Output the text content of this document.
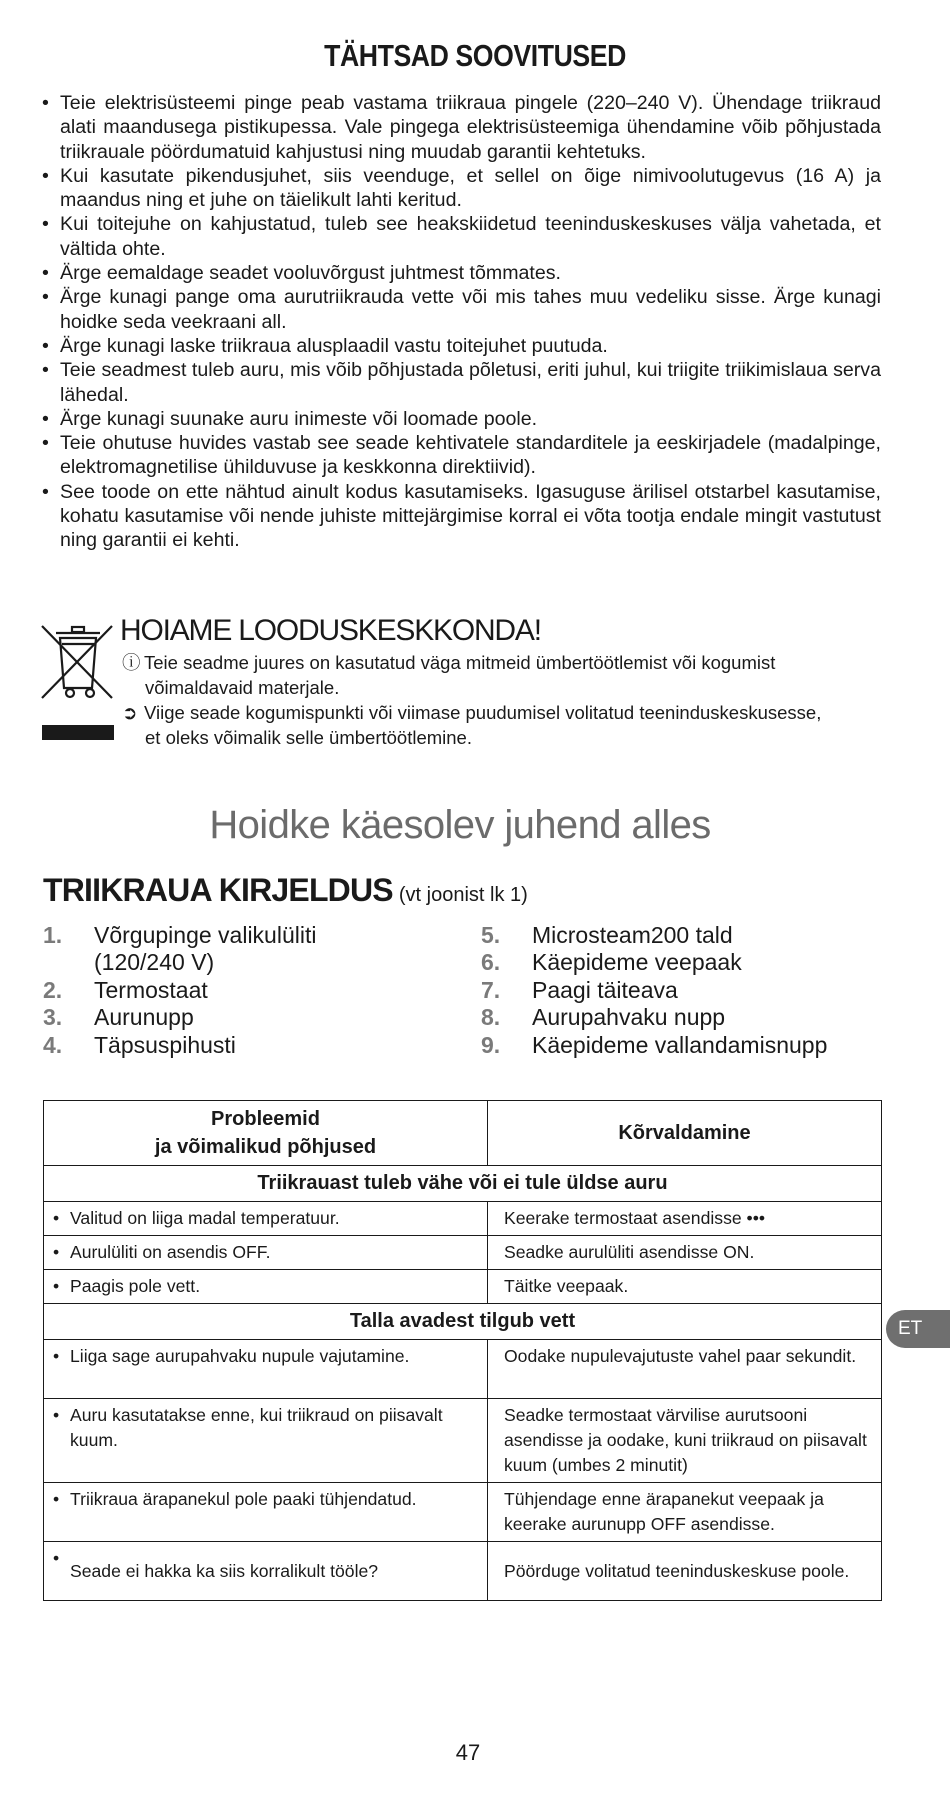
TÄHTSAD SOOVITUSED
• Teie elektrisüsteemi pinge peab vastama triikraua pingele (220–240 V). Ühendage triikraud alati maandusega pistikupessa. Vale pingega elektrisüsteemiga ühendamine võib põhjustada triikrauale pöördumatuid kahjustusi ning muudab garantii kehtetuks.
• Kui kasutate pikendusjuhet, siis veenduge, et sellel on õige nimivoolutugevus (16 A) ja maandus ning et juhe on täielikult lahti keritud.
• Kui toitejuhe on kahjustatud, tuleb see heakskiidetud teeninduskeskuses välja vahetada, et vältida ohte.
• Ärge eemaldage seadet vooluvõrgust juhtmest tõmmates.
• Ärge kunagi pange oma aurutriikrauda vette või mis tahes muu vedeliku sisse. Ärge kunagi hoidke seda veekraani all.
• Ärge kunagi laske triikraua alusplaadil vastu toitejuhet puutuda.
• Teie seadmest tuleb auru, mis võib põhjustada põletusi, eriti juhul, kui triigite triikimislaua serva lähedal.
• Ärge kunagi suunake auru inimeste või loomade poole.
• Teie ohutuse huvides vastab see seade kehtivatele standarditele ja eeskirjadele (madalpinge, elektromagnetilise ühilduvuse ja keskkonna direktiivid).
• See toode on ette nähtud ainult kodus kasutamiseks. Igasuguse ärilisel otstarbel kasutamise, kohatu kasutamise või nende juhiste mittejärgimise korral ei võta tootja endale mingit vastutust ning garantii ei kehti.
HOIAME LOODUSKESKKONDA!
ⓘ Teie seadme juures on kasutatud väga mitmeid ümbertöötlemist või kogumist
võimaldavaid materjale.
➲ Viige seade kogumispunkti või viimase puudumisel volitatud teeninduskeskusesse,
et oleks võimalik selle ümbertöötlemine.
Hoidke käesolev juhend alles
TRIIKRAUA KIRJELDUS (vt joonist lk 1)
1.	Võrgupinge valikulüliti
(120/240 V)
2.	Termostaat
3.	Aurunupp
4.	Täpsuspihusti
5.	Microsteam200 tald
6.	Käepideme veepaak
7.	Paagi täiteava
8.	Aurupahvaku nupp
9.	Käepideme vallandamisnupp
Probleemid
ja võimalikud põhjused	Kõrvaldamine
Triikrauast tuleb vähe või ei tule üldse auru	
• Valitud on liiga madal temperatuur.	Keerake termostaat asendisse •••
• Aurulüliti on asendis OFF.	Seadke aurulüliti asendisse ON.
• Paagis pole vett.	Täitke veepaak.
Talla avadest tilgub vett	
• Liiga sage aurupahvaku nupule vajutamine.	Oodake nupulevajutuste vahel paar sekundit.
• Auru kasutatakse enne, kui triikraud on piisavalt kuum.	Seadke termostaat värvilise aurutsooni asendisse ja oodake, kuni triikraud on piisavalt kuum (umbes 2 minutit)
• Triikraua ärapanekul pole paaki tühjendatud.	Tühjendage enne ärapanekut veepaak ja keerake aurunupp OFF asendisse.
• Seade ei hakka ka siis korralikult tööle?	Pöörduge volitatud teeninduskeskuse poole.
ET
47
